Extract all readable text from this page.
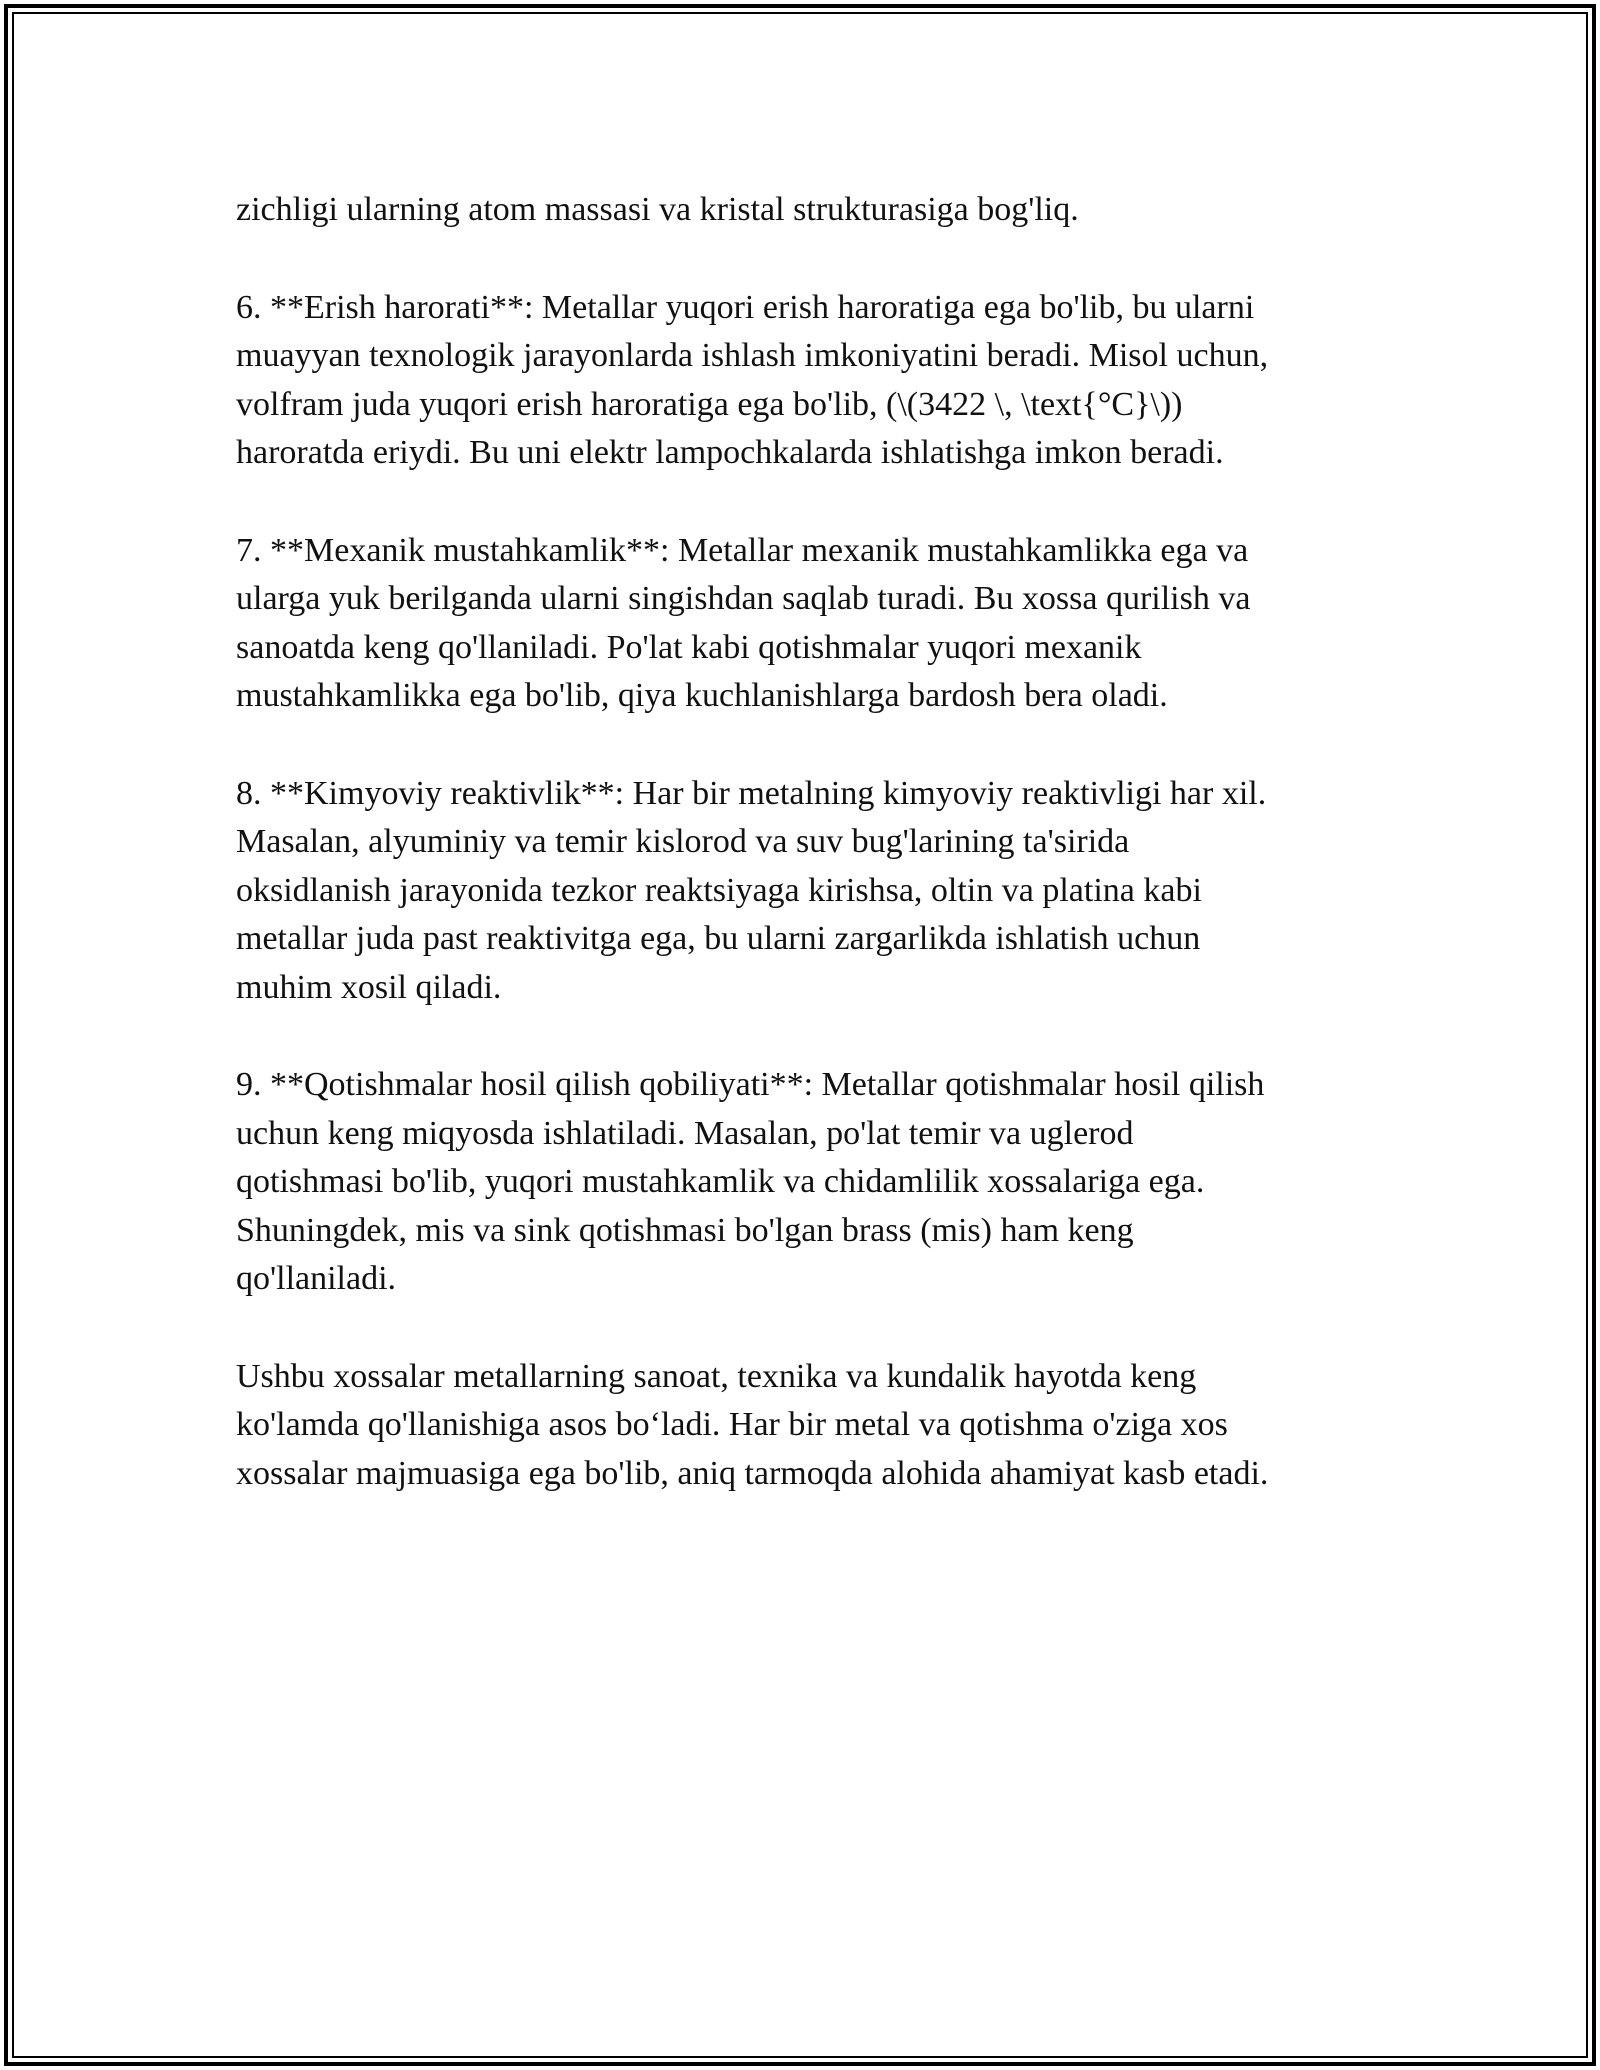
zichligi ularning atom massasi va kristal strukturasiga bog'liq.

6. **Erish harorati**: Metallar yuqori erish haroratiga ega bo'lib, bu ularni
muayyan texnologik jarayonlarda ishlash imkoniyatini beradi. Misol uchun,
volfram juda yuqori erish haroratiga ega bo'lib, (\(3422 \, \text{°C}\))
haroratda eriydi. Bu uni elektr lampochkalarda ishlatishga imkon beradi.

7. **Mexanik mustahkamlik**: Metallar mexanik mustahkamlikka ega va
ularga yuk berilganda ularni singishdan saqlab turadi. Bu xossa qurilish va
sanoatda keng qo'llaniladi. Po'lat kabi qotishmalar yuqori mexanik
mustahkamlikka ega bo'lib, qiya kuchlanishlarga bardosh bera oladi.

8. **Kimyoviy reaktivlik**: Har bir metalning kimyoviy reaktivligi har xil.
Masalan, alyuminiy va temir kislorod va suv bug'larining ta'sirida
oksidlanish jarayonida tezkor reaktsiyaga kirishsa, oltin va platina kabi
metallar juda past reaktivitga ega, bu ularni zargarlikda ishlatish uchun
muhim xosil qiladi.

9. **Qotishmalar hosil qilish qobiliyati**: Metallar qotishmalar hosil qilish
uchun keng miqyosda ishlatiladi. Masalan, po'lat temir va uglerod
qotishmasi bo'lib, yuqori mustahkamlik va chidamlilik xossalariga ega.
Shuningdek, mis va sink qotishmasi bo'lgan brass (mis) ham keng
qo'llaniladi.

Ushbu xossalar metallarning sanoat, texnika va kundalik hayotda keng
ko'lamda qo'llanishiga asos bo‘ladi. Har bir metal va qotishma o'ziga xos
xossalar majmuasiga ega bo'lib, aniq tarmoqda alohida ahamiyat kasb etadi.
